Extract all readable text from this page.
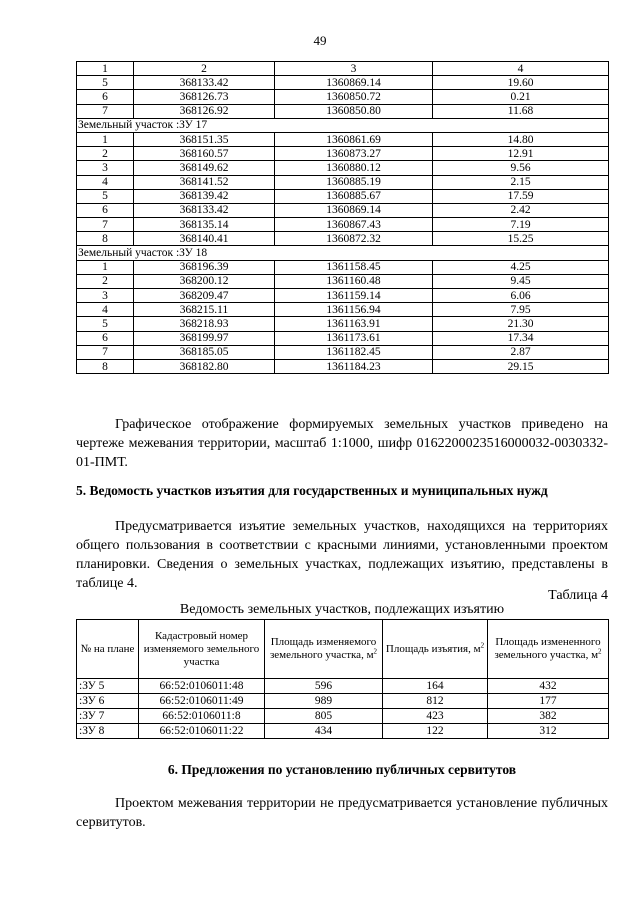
49
1	2	3	4
5	368133.42	1360869.14	19.60
6	368126.73	1360850.72	0.21
7	368126.92	1360850.80	11.68
Земельный участок :ЗУ 17			
1	368151.35	1360861.69	14.80
2	368160.57	1360873.27	12.91
3	368149.62	1360880.12	9.56
4	368141.52	1360885.19	2.15
5	368139.42	1360885.67	17.59
6	368133.42	1360869.14	2.42
7	368135.14	1360867.43	7.19
8	368140.41	1360872.32	15.25
Земельный участок :ЗУ 18			
1	368196.39	1361158.45	4.25
2	368200.12	1361160.48	9.45
3	368209.47	1361159.14	6.06
4	368215.11	1361156.94	7.95
5	368218.93	1361163.91	21.30
6	368199.97	1361173.61	17.34
7	368185.05	1361182.45	2.87
8	368182.80	1361184.23	29.15
Графическое отображение формируемых земельных участков приведено на чертеже межевания территории, масштаб 1:1000, шифр 0162200023516000032-0030332-01-ПМТ.
5. Ведомость участков изъятия для государственных и муниципальных нужд
Предусматривается изъятие земельных участков, находящихся на территориях общего пользования в соответствии с красными линиями, установленными проектом планировки. Сведения о земельных участках, подлежащих изъятию, представлены в таблице 4.
Таблица 4
Ведомость земельных участков, подлежащих изъятию
№ на плане	Кадастровый номер изменяемого земельного участка	Площадь изменяемого земельного участка, $м^2$	Площадь изъятия, $м^2$	Площадь измененного земельного участка, $м^2$
:ЗУ 5	66:52:0106011:48	596	164	432
:ЗУ 6	66:52:0106011:49	989	812	177
:ЗУ 7	66:52:0106011:8	805	423	382
:ЗУ 8	66:52:0106011:22	434	122	312
6. Предложения по установлению публичных сервитутов
Проектом межевания территории не предусматривается установление публичных сервитутов.
